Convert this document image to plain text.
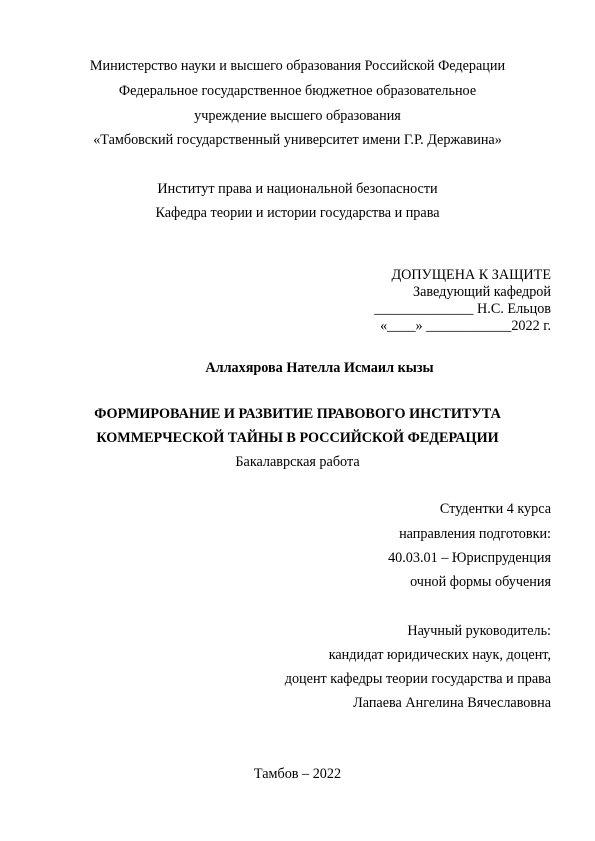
Министерство науки и высшего образования Российской Федерации
Федеральное государственное бюджетное образовательное
учреждение высшего образования
«Тамбовский государственный университет имени Г.Р. Державина»
Институт права и национальной безопасности
Кафедра теории и истории государства и права
ДОПУЩЕНА К ЗАЩИТЕ
Заведующий кафедрой
______________ Н.С. Ельцов
«____» ____________2022 г.
Аллахярова Нателла Исмаил кызы
ФОРМИРОВАНИЕ И РАЗВИТИЕ ПРАВОВОГО ИНСТИТУТА
КОММЕРЧЕСКОЙ ТАЙНЫ В РОССИЙСКОЙ ФЕДЕРАЦИИ
Бакалаврская работа
Студентки 4 курса
направления подготовки:
40.03.01 – Юриспруденция
очной формы обучения
Научный руководитель:
кандидат юридических наук, доцент,
доцент кафедры теории государства и права
Лапаева Ангелина Вячеславовна
Тамбов – 2022
